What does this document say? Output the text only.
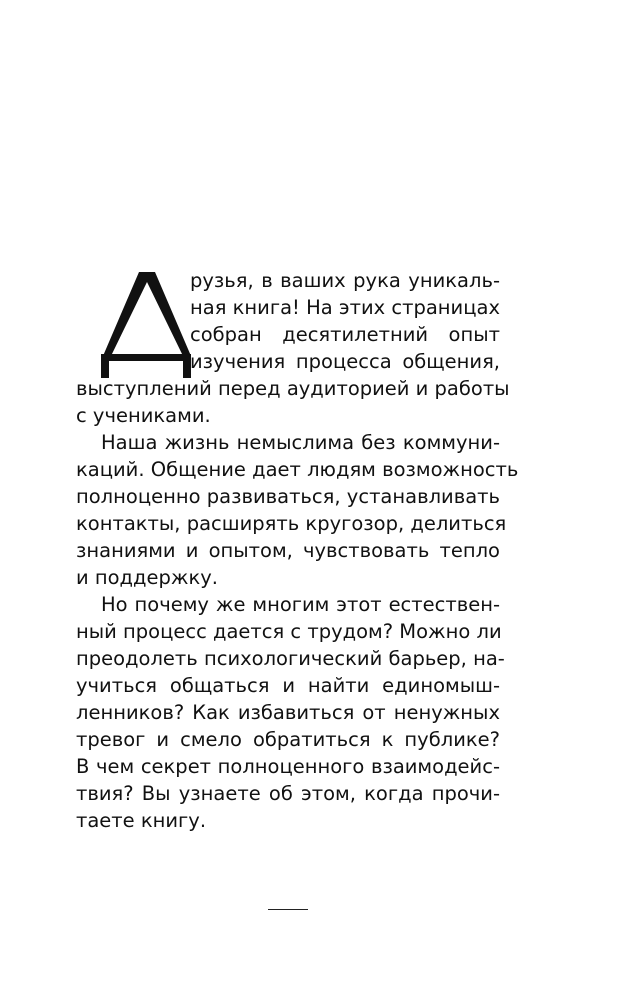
рузья, в ваших рука уникаль-
ная книга! На этих страницах
собран десятилетний опыт
изучения процесса общения,
выступлений перед аудиторией и работы
с учениками.
Наша жизнь немыслима без коммуни-
каций. Общение дает людям возможность
полноценно развиваться, устанавливать
контакты, расширять кругозор, делиться
знаниями и опытом, чувствовать тепло
и поддержку.
Но почему же многим этот естествен-
ный процесс дается с трудом? Можно ли
преодолеть психологический барьер, на-
учиться общаться и найти единомыш-
ленников? Как избавиться от ненужных
тревог и смело обратиться к публике?
В чем секрет полноценного взаимодейс-
твия? Вы узнаете об этом, когда прочи-
таете книгу.
